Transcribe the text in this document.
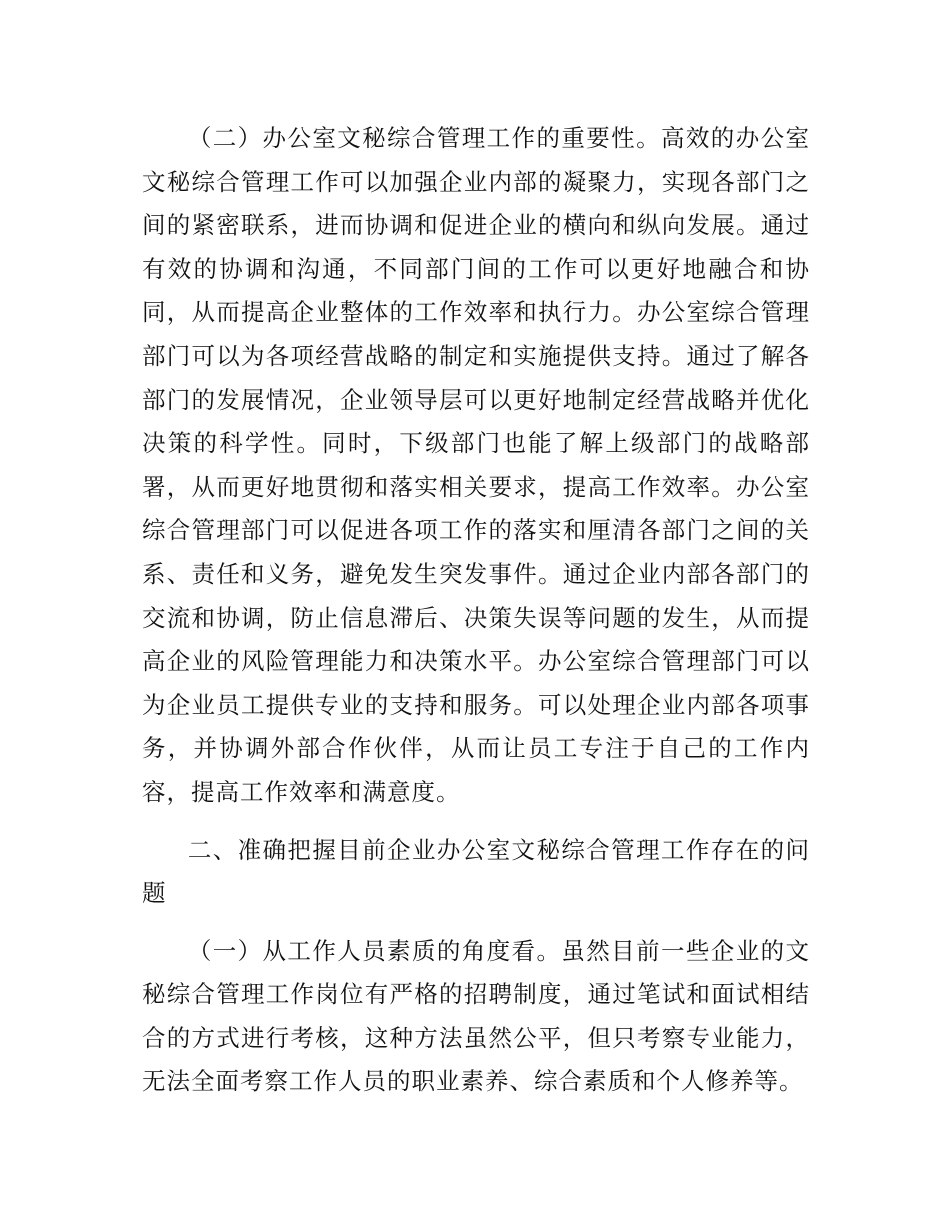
（二）办公室文秘综合管理工作的重要性。高效的办公室文秘综合管理工作可以加强企业内部的凝聚力，实现各部门之间的紧密联系，进而协调和促进企业的横向和纵向发展。通过有效的协调和沟通，不同部门间的工作可以更好地融合和协同，从而提高企业整体的工作效率和执行力。办公室综合管理部门可以为各项经营战略的制定和实施提供支持。通过了解各部门的发展情况，企业领导层可以更好地制定经营战略并优化决策的科学性。同时，下级部门也能了解上级部门的战略部署，从而更好地贯彻和落实相关要求，提高工作效率。办公室综合管理部门可以促进各项工作的落实和厘清各部门之间的关系、责任和义务，避免发生突发事件。通过企业内部各部门的交流和协调，防止信息滞后、决策失误等问题的发生，从而提高企业的风险管理能力和决策水平。办公室综合管理部门可以为企业员工提供专业的支持和服务。可以处理企业内部各项事务，并协调外部合作伙伴，从而让员工专注于自己的工作内容，提高工作效率和满意度。

二、准确把握目前企业办公室文秘综合管理工作存在的问题

（一）从工作人员素质的角度看。虽然目前一些企业的文秘综合管理工作岗位有严格的招聘制度，通过笔试和面试相结合的方式进行考核，这种方法虽然公平，但只考察专业能力，无法全面考察工作人员的职业素养、综合素质和个人修养等。
